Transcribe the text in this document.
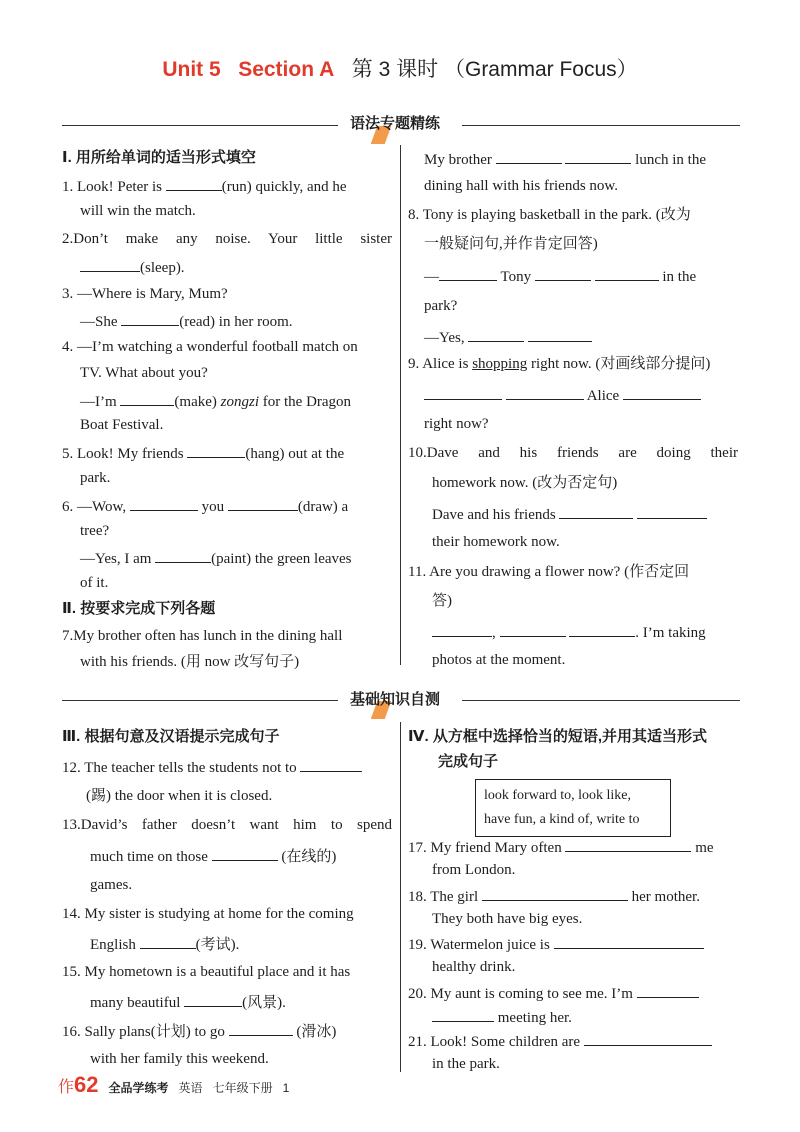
Unit 5 Section A 第 3 课时 （Grammar Focus）
语法专题精练
Ⅰ. 用所给单词的适当形式填空
1. Look! Peter is	(run) quickly, and he
will win the match.
2.Don’t make any noise. Your little sister
(sleep).
3. —Where is Mary, Mum?
—She	(read) in her room.
4. —I’m watching a wonderful football match on
TV. What about you?
—I’m	(make) zongzi for the Dragon
Boat Festival.
5. Look! My friends	(hang) out at the
park.
6. —Wow,	you	(draw) a
tree?
—Yes, I am	(paint) the green leaves
of it.
Ⅱ. 按要求完成下列各题
7.My brother often has lunch in the dining hall
with his friends. (用 now 改写句子)
My brother	lunch in the
dining hall with his friends now.
8. Tony is playing basketball in the park. (改为
一般疑问句,并作肯定回答)
—	Tony	in the
park?
—Yes,
9. Alice is shopping right now. (对画线部分提问)
Alice
right now?
10.Dave and his friends are doing their
homework now. (改为否定句)
Dave and his friends
their homework now.
11. Are you drawing a flower now? (作否定回
答)
,	. I’m taking
photos at the moment.
基础知识自测
Ⅲ. 根据句意及汉语提示完成句子
12. The teacher tells the students not to
(踢) the door when it is closed.
13.David’s father doesn’t want him to spend
much time on those	(在线的)
games.
14. My sister is studying at home for the coming
English	(考试).
15. My hometown is a beautiful place and it has
many beautiful	(风景).
16. Sally plans(计划) to go	(滑冰)
with her family this weekend.
Ⅳ. 从方框中选择恰当的短语,并用其适当形式
完成句子
look forward to, look like,
have fun, a kind of, write to
17. My friend Mary often	me
from London.
18. The girl	her mother.
They both have big eyes.
19. Watermelon juice is
healthy drink.
20. My aunt is coming to see me. I’m
meeting her.
21. Look! Some children are
in the park.
作62 全品学练考 英语 七年级下册 1
